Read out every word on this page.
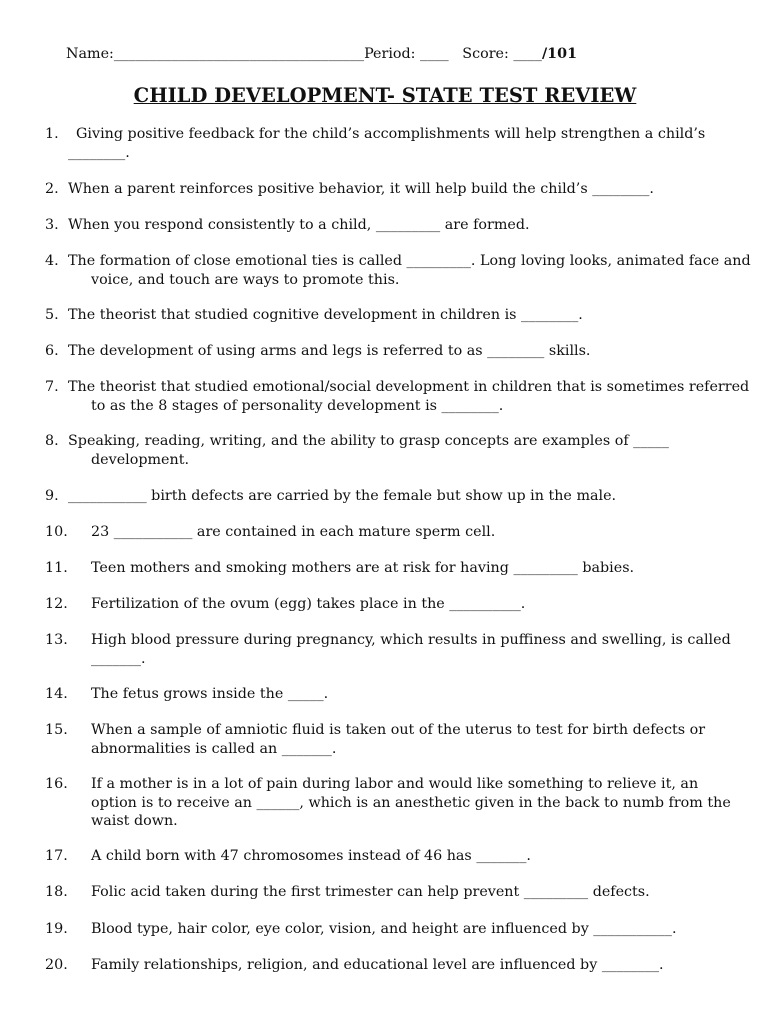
Name:___________________________________Period: ____ Score: ____/101
CHILD DEVELOPMENT- STATE TEST REVIEW
1.	Giving positive feedback for the child’s accomplishments will help strengthen a child’s ________.
2. When a parent reinforces positive behavior, it will help build the child’s ________.
3. When you respond consistently to a child, _________ are formed.
4. The formation of close emotional ties is called _________. Long loving looks, animated face and voice, and touch are ways to promote this.
5. The theorist that studied cognitive development in children is ________.
6. The development of using arms and legs is referred to as ________ skills.
7. The theorist that studied emotional/social development in children that is sometimes referred to as the 8 stages of personality development is ________.
8. Speaking, reading, writing, and the ability to grasp concepts are examples of _____ development.
9. ___________ birth defects are carried by the female but show up in the male.
10. 23 ___________ are contained in each mature sperm cell.
11. Teen mothers and smoking mothers are at risk for having _________ babies.
12. Fertilization of the ovum (egg) takes place in the __________.
13. High blood pressure during pregnancy, which results in puffiness and swelling, is called _______.
14. The fetus grows inside the _____.
15. When a sample of amniotic fluid is taken out of the uterus to test for birth defects or abnormalities is called an _______.
16. If a mother is in a lot of pain during labor and would like something to relieve it, an option is to receive an ______, which is an anesthetic given in the back to numb from the waist down.
17. A child born with 47 chromosomes instead of 46 has _______.
18. Folic acid taken during the first trimester can help prevent _________ defects.
19. Blood type, hair color, eye color, vision, and height are influenced by ___________.
20. Family relationships, religion, and educational level are influenced by ________.
